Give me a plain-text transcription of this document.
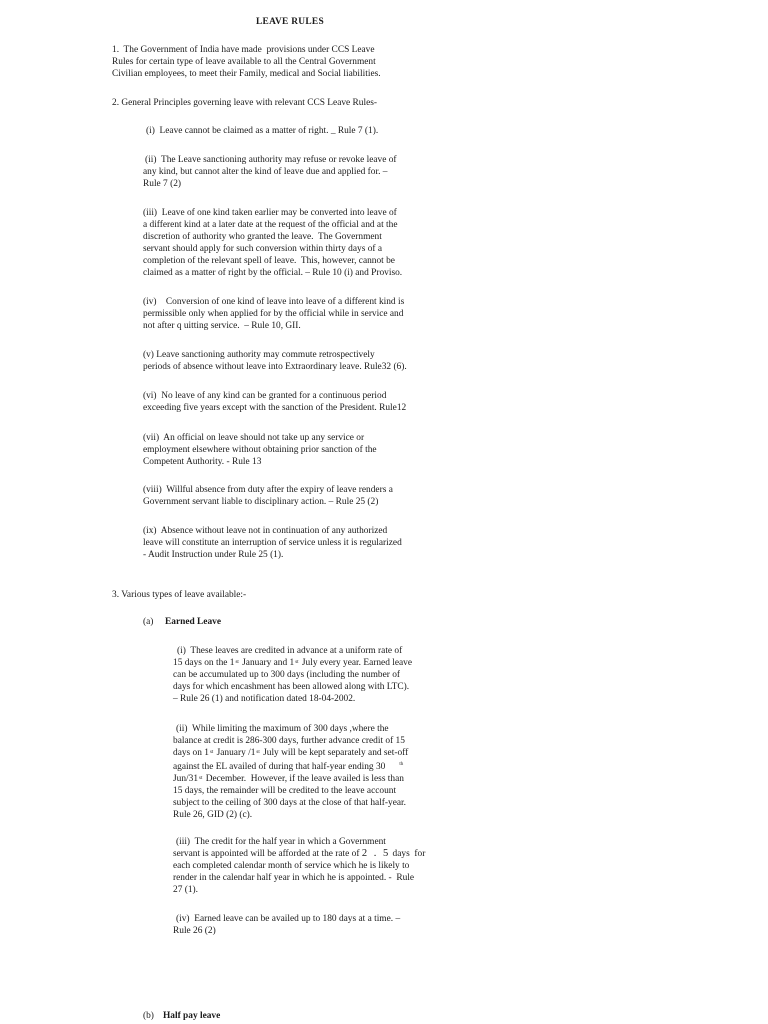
LEAVE RULES
1.  The Government of India have made  provisions under CCS Leave
Rules for certain type of leave available to all the Central Government
Civilian employees, to meet their Family, medical and Social liabilities.
2. General Principles governing leave with relevant CCS Leave Rules-
(i)  Leave cannot be claimed as a matter of right. _ Rule 7 (1).
(ii)  The Leave sanctioning authority may refuse or revoke leave of
any kind, but cannot alter the kind of leave due and applied for. –
Rule 7 (2)
(iii)  Leave of one kind taken earlier may be converted into leave of
a different kind at a later date at the request of the official and at the
discretion of authority who granted the leave.  The Government
servant should apply for such conversion within thirty days of a
completion of the relevant spell of leave.  This, however, cannot be
claimed as a matter of right by the official. – Rule 10 (i) and Proviso.
(iv)    Conversion of one kind of leave into leave of a different kind is
permissible only when applied for by the official while in service and
not after q uitting service.  – Rule 10, GII.
(v) Leave sanctioning authority may commute retrospectively
periods of absence without leave into Extraordinary leave. Rule32 (6).
(vi)  No leave of any kind can be granted for a continuous period
exceeding five years except with the sanction of the President. Rule12
(vii)  An official on leave should not take up any service or
employment elsewhere without obtaining prior sanction of the
Competent Authority. - Rule 13
(viii)  Willful absence from duty after the expiry of leave renders a
Government servant liable to disciplinary action. – Rule 25 (2)
(ix)  Absence without leave not in continuation of any authorized
leave will constitute an interruption of service unless it is regularized
- Audit Instruction under Rule 25 (1).
3. Various types of leave available:-
(a) Earned Leave
(i)  These leaves are credited in advance at a uniform rate of
15 days on the 1st January and 1st July every year. Earned leave
can be accumulated up to 300 days (including the number of
days for which encashment has been allowed along with LTC).
– Rule 26 (1) and notification dated 18-04-2002.
(ii)  While limiting the maximum of 300 days ,where the
balance at credit is 286-300 days, further advance credit of 15
days on 1st January /1st July will be kept separately and set-off
against the EL availed of during that half-year ending 30	$^{th}$
Jun/31st December.  However, if the leave availed is less than
15 days, the remainder will be credited to the leave account
subject to the ceiling of 300 days at the close of that half-year.
Rule 26, GID (2) (c).
(iii)  The credit for the half year in which a Government
servant is appointed will be afforded at the rate of 2 . 5 days  for
each completed calendar month of service which he is likely to
render in the calendar half year in which he is appointed. -  Rule
27 (1).
(iv)  Earned leave can be availed up to 180 days at a time. –
Rule 26 (2)
(b) Half pay leave
